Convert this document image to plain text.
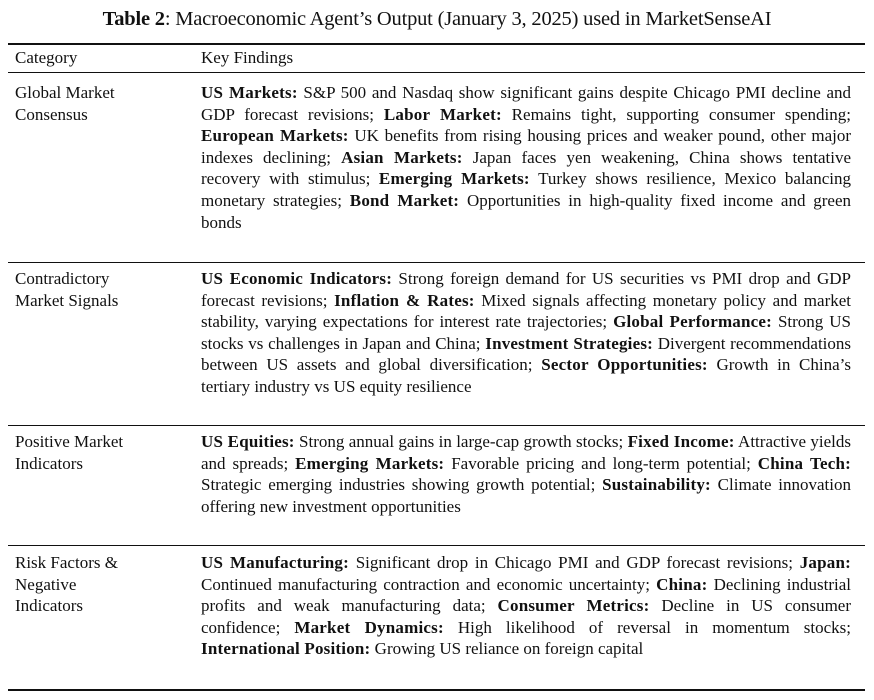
Table 2: Macroeconomic Agent’s Output (January 3, 2025) used in MarketSenseAI
Category	Key Findings
Global Market Consensus
US Markets: S&P 500 and Nasdaq show significant gains despite Chicago PMI decline and GDP forecast revisions; Labor Market: Remains tight, supporting consumer spending; European Markets: UK benefits from rising housing prices and weaker pound, other major indexes declining; Asian Markets: Japan faces yen weakening, China shows tentative recovery with stimulus; Emerging Markets: Turkey shows resilience, Mexico balancing monetary strategies; Bond Market: Opportunities in high-quality fixed income and green bonds
Contradictory Market Signals
US Economic Indicators: Strong foreign demand for US securities vs PMI drop and GDP forecast revisions; Inflation & Rates: Mixed signals affecting monetary policy and market stability, varying expectations for interest rate trajectories; Global Performance: Strong US stocks vs challenges in Japan and China; Investment Strategies: Divergent recommendations between US assets and global diversification; Sector Opportunities: Growth in China’s tertiary industry vs US equity resilience
Positive Market Indicators
US Equities: Strong annual gains in large-cap growth stocks; Fixed Income: Attractive yields and spreads; Emerging Markets: Favorable pricing and long-term potential; China Tech: Strategic emerging industries showing growth potential; Sustainability: Climate innovation offering new investment opportunities
Risk Factors & Negative Indicators
US Manufacturing: Significant drop in Chicago PMI and GDP forecast revisions; Japan: Continued manufacturing contraction and economic uncertainty; China: Declining industrial profits and weak manufacturing data; Consumer Metrics: Decline in US consumer confidence; Market Dynamics: High likelihood of reversal in momentum stocks; International Position: Growing US reliance on foreign capital
